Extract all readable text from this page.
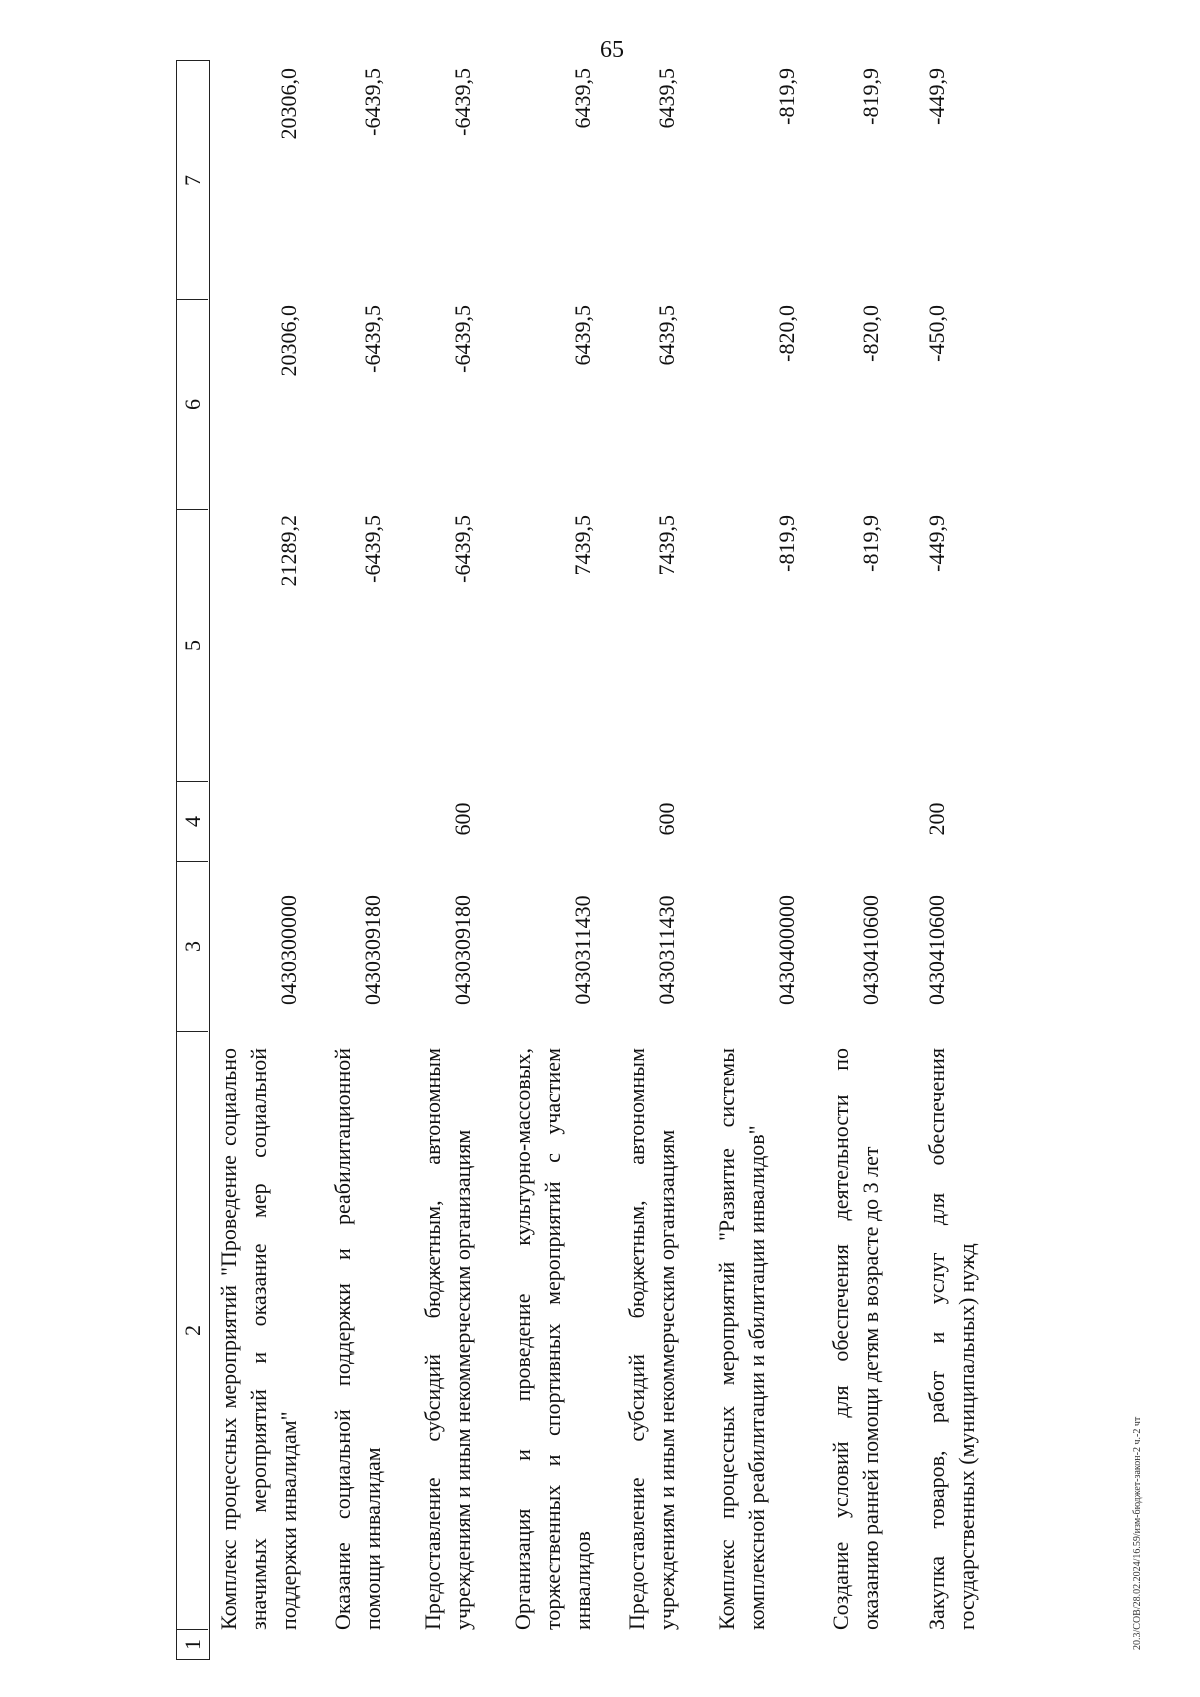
65
1
2
3
4
5
6
7
Комплекс процессных мероприятий "Проведение социально значимых мероприятий и оказание мер социальной поддержки инвалидам"
0430300000
21289,2
20306,0
20306,0
Оказание социальной поддержки и реабилитационной помощи инвалидам
0430309180
-6439,5
-6439,5
-6439,5
Предоставление субсидий бюджетным, автономным учреждениям и иным некоммерческим организациям
0430309180
600
-6439,5
-6439,5
-6439,5
Организация и проведение культурно-массовых, торжественных и спортивных мероприятий с участием инвалидов
0430311430
7439,5
6439,5
6439,5
Предоставление субсидий бюджетным, автономным учреждениям и иным некоммерческим организациям
0430311430
600
7439,5
6439,5
6439,5
Комплекс процессных мероприятий "Развитие системы комплексной реабилитации и абилитации инвалидов"
0430400000
-819,9
-820,0
-819,9
Создание условий для обеспечения деятельности по оказанию ранней помощи детям в возрасте до 3 лет
0430410600
-819,9
-820,0
-819,9
Закупка товаров, работ и услуг для обеспечения государственных (муниципальных) нужд
0430410600
200
-449,9
-450,0
-449,9
20.3/СОВ/28.02.2024/16.59/изм-бюджет-закон-2 ч.-2 чт
